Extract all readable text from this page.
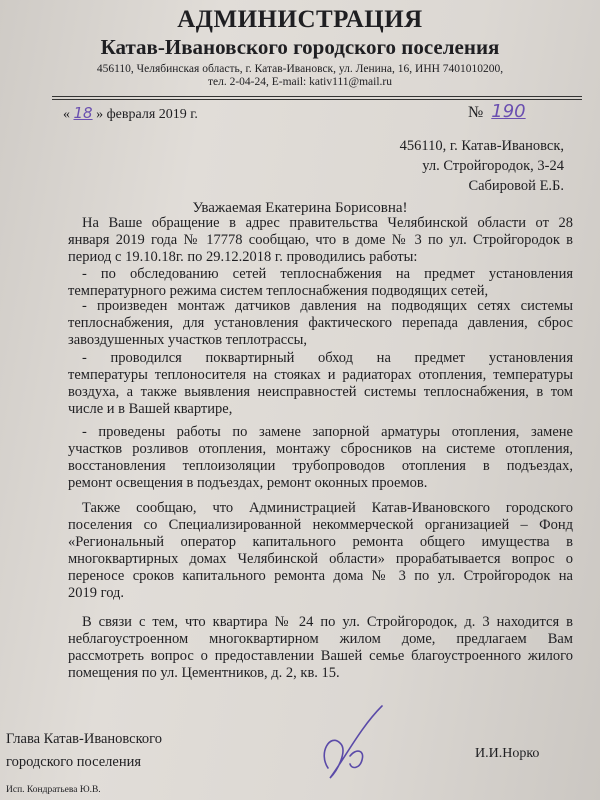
АДМИНИСТРАЦИЯ
Катав-Ивановского городского поселения
456110, Челябинская область, г. Катав-Ивановск, ул. Ленина, 16, ИНН 7401010200,
тел. 2-04-24, E-mail: kativ111@mail.ru
« 18 » февраля 2019 г.	№ 190
456110, г. Катав-Ивановск,
ул. Стройгородок, 3-24
Сабировой Е.Б.
Уважаемая Екатерина Борисовна!
На Ваше обращение в адрес правительства Челябинской области от 28
января 2019 года № 17778 сообщаю, что в доме № 3 по ул. Стройгородок в
период с 19.10.18г. по 29.12.2018 г. проводились работы:
- по обследованию сетей теплоснабжения на предмет установления
температурного режима систем теплоснабжения подводящих сетей,
- произведен монтаж датчиков давления на подводящих сетях системы
теплоснабжения, для установления фактического перепада давления, сброс
завоздушенных участков теплотрассы,
- проводился поквартирный обход на предмет установления
температуры теплоносителя на стояках и радиаторах отопления, температуры
воздуха, а также выявления неисправностей системы теплоснабжения, в том
числе и в Вашей квартире,
- проведены работы по замене запорной арматуры отопления, замене
участков розливов отопления, монтажу сбросников на системе отопления,
восстановления теплоизоляции трубопроводов отопления в подъездах,
ремонт освещения в подъездах, ремонт оконных проемов.
Также сообщаю, что Администрацией Катав-Ивановского городского
поселения со Специализированной некоммерческой организацией – Фонд
«Региональный оператор капитального ремонта общего имущества в
многоквартирных домах Челябинской области» прорабатывается вопрос о
переносе сроков капитального ремонта дома № 3 по ул. Стройгородок на
2019 год.
В связи с тем, что квартира № 24 по ул. Стройгородок, д. 3 находится в
неблагоустроенном многоквартирном жилом доме, предлагаем Вам
рассмотреть вопрос о предоставлении Вашей семье благоустроенного жилого
помещения по ул. Цементников, д. 2, кв. 15.
Глава Катав-Ивановского
городского поселения
И.И.Норко
Исп. Кондратьева Ю.В.
